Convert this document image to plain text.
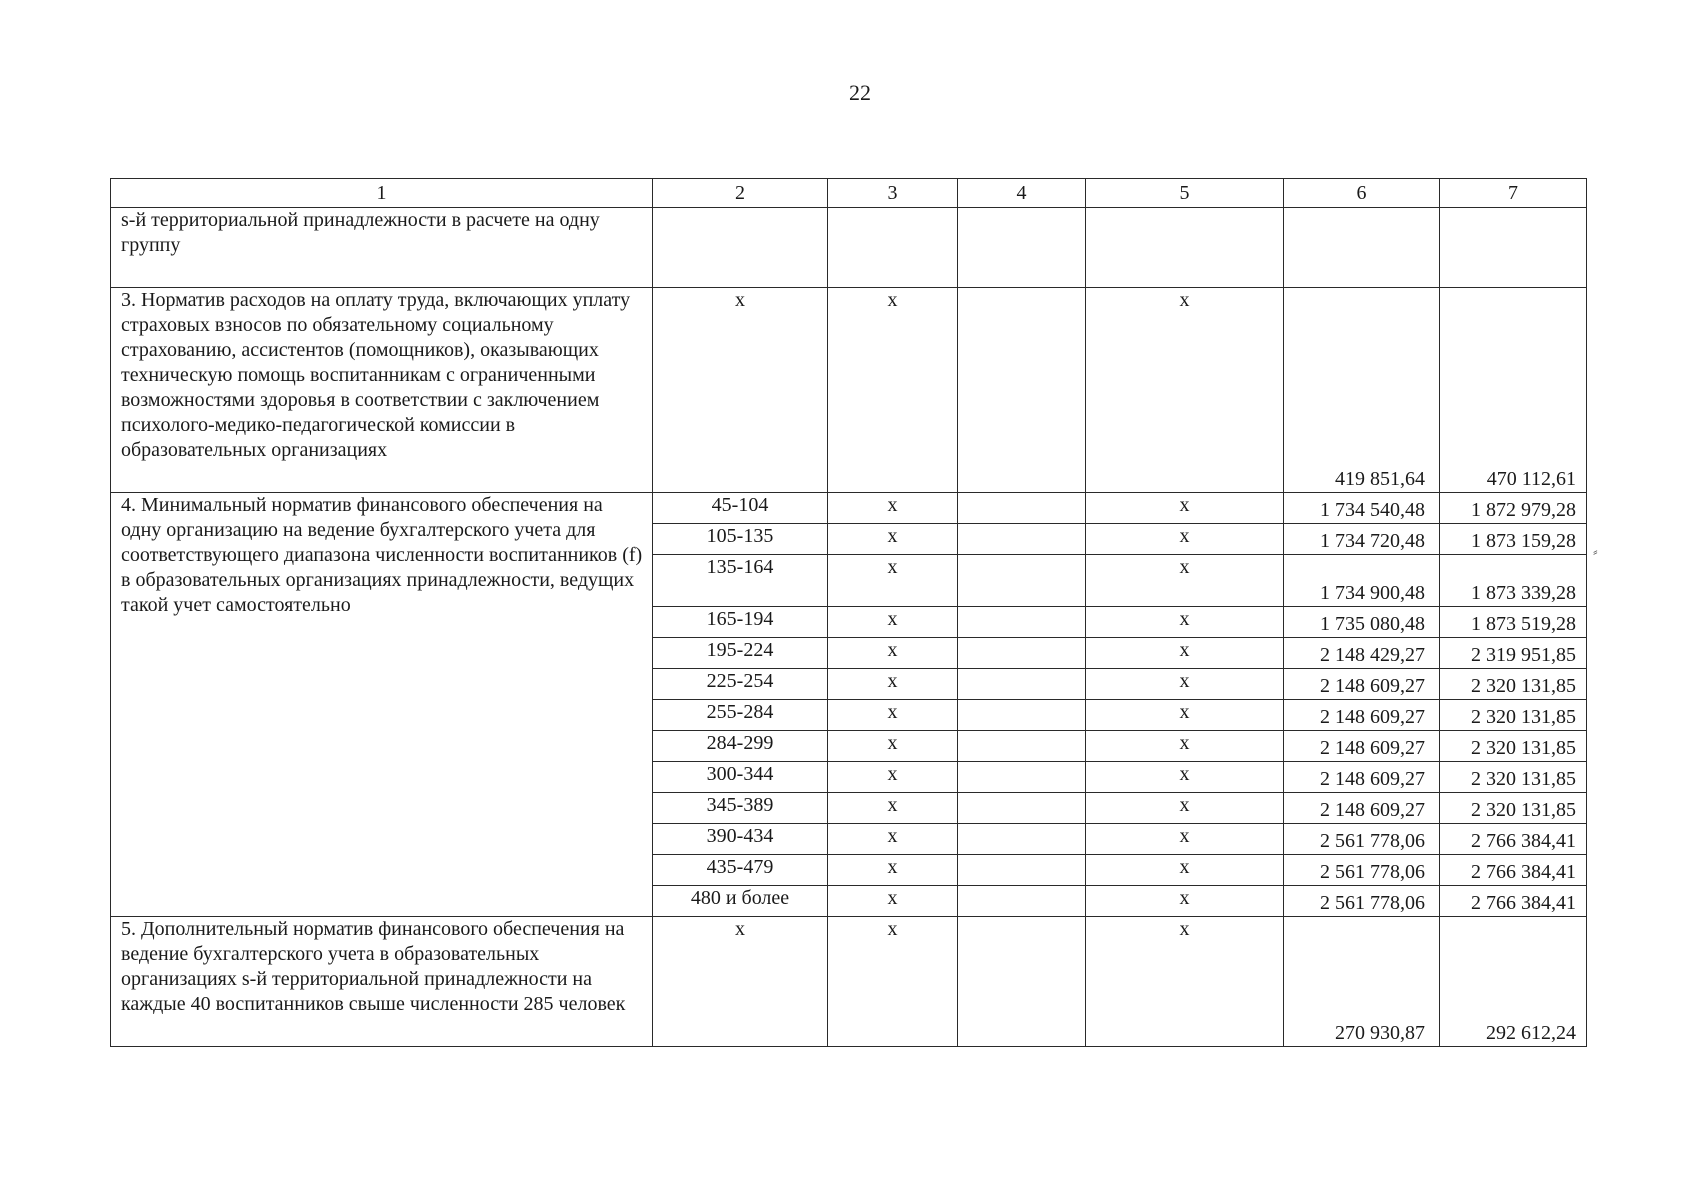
22
1	2	3	4	5	6	7
s-й территориальной принадлежности в расчете на одну группу						
3. Норматив расходов на оплату труда, включающих уплату страховых взносов по обязательному социальному страхованию, ассистентов (помощников), оказывающих техническую помощь воспитанникам с ограниченными возможностями здоровья в соответствии с заключением психолого-медико-педагогической комиссии в образовательных организациях	х	х		х	419 851,64	470 112,61
4. Минимальный норматив финансового обеспечения на одну организацию на ведение бухгалтерского учета для соответствующего диапазона численности воспитанников (f) в образовательных организациях принадлежности, ведущих такой учет самостоятельно	45-104	х		х	1 734 540,48	1 872 979,28
	105-135	х		х	1 734 720,48	1 873 159,28
	135-164	х		х	1 734 900,48	1 873 339,28
	165-194	х		х	1 735 080,48	1 873 519,28
	195-224	х		х	2 148 429,27	2 319 951,85
	225-254	х		х	2 148 609,27	2 320 131,85
	255-284	х		х	2 148 609,27	2 320 131,85
	284-299	х		х	2 148 609,27	2 320 131,85
	300-344	х		х	2 148 609,27	2 320 131,85
	345-389	х		х	2 148 609,27	2 320 131,85
	390-434	х		х	2 561 778,06	2 766 384,41
	435-479	х		х	2 561 778,06	2 766 384,41
	480 и более	х		х	2 561 778,06	2 766 384,41
5. Дополнительный норматив финансового обеспечения на ведение бухгалтерского учета в образовательных организациях s-й территориальной принадлежности на каждые 40 воспитанников свыше численности 285 человек	х	х		х	270 930,87	292 612,24
⸗
